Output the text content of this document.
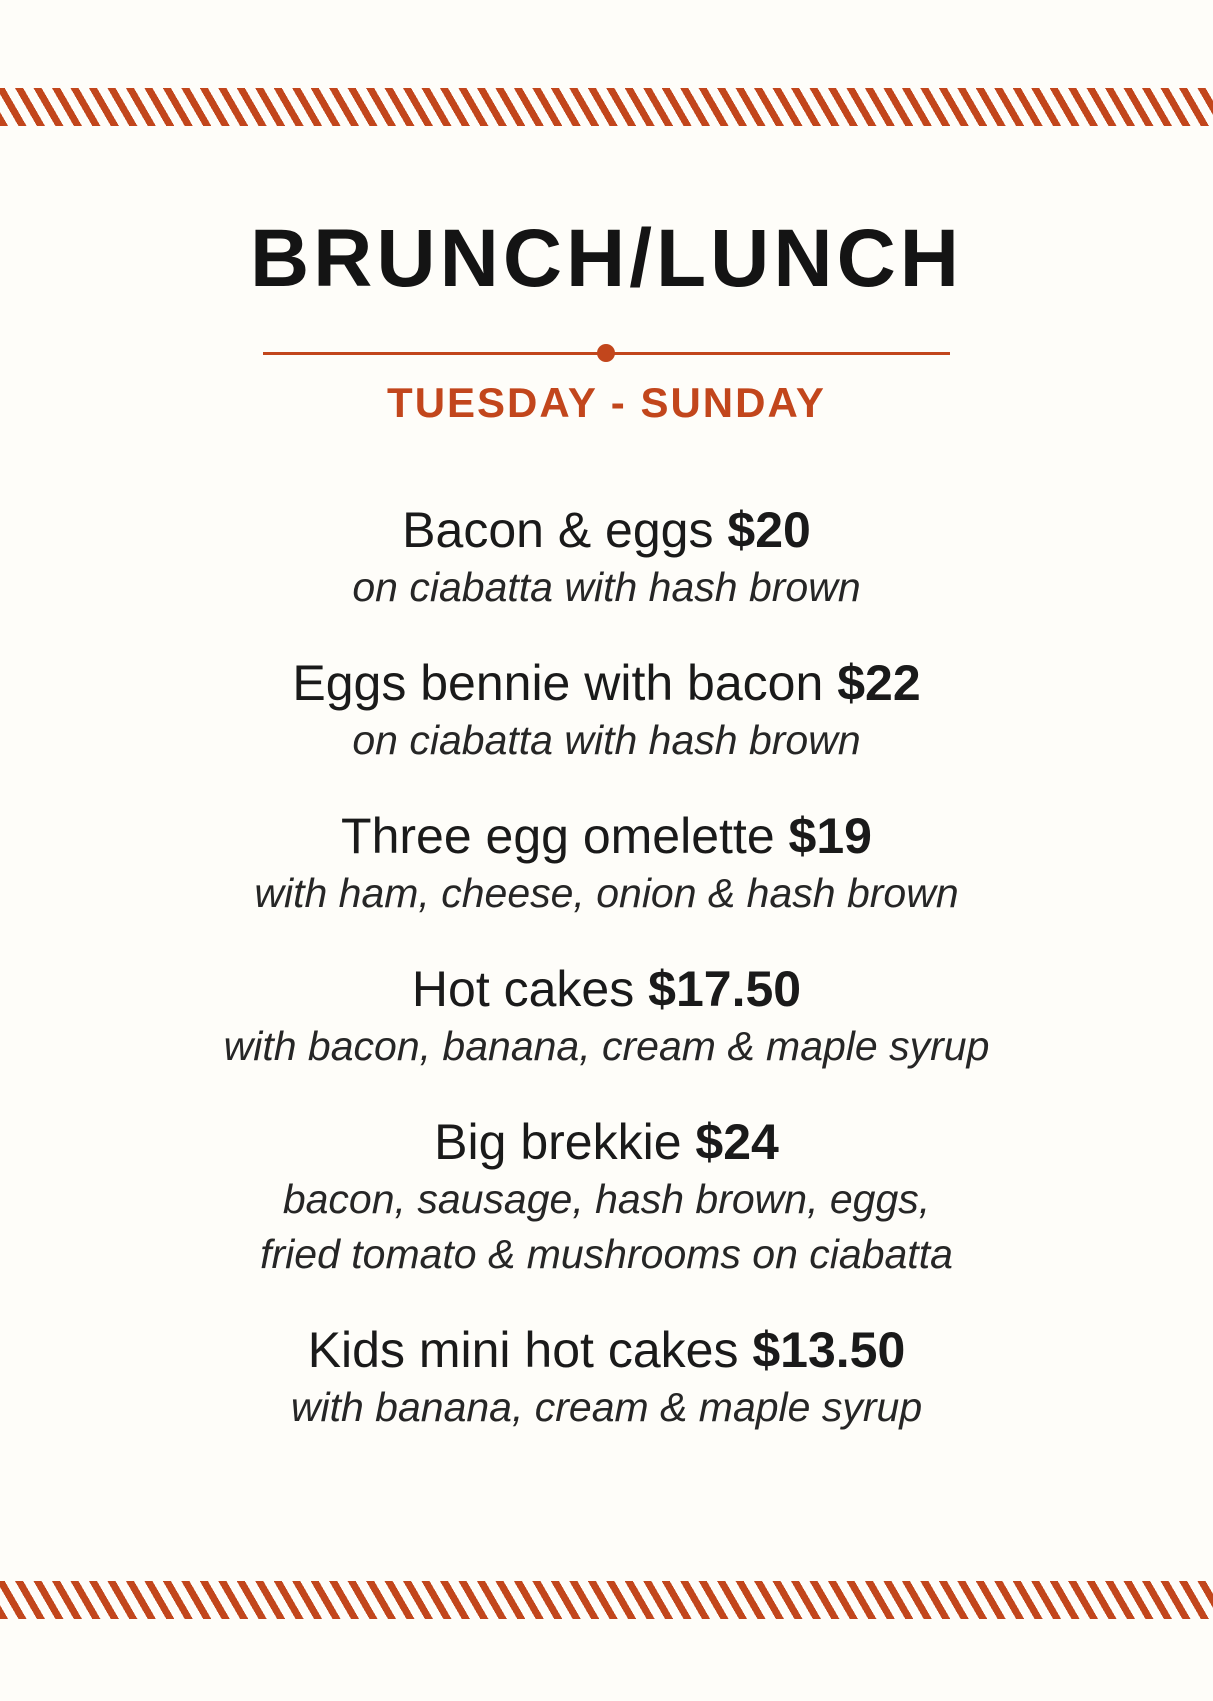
BRUNCH/LUNCH
TUESDAY - SUNDAY
Bacon & eggs $20
on ciabatta with hash brown
Eggs bennie with bacon $22
on ciabatta with hash brown
Three egg omelette $19
with ham, cheese, onion & hash brown
Hot cakes $17.50
with bacon, banana, cream & maple syrup
Big brekkie $24
bacon, sausage, hash brown, eggs,
fried tomato & mushrooms on ciabatta
Kids mini hot cakes $13.50
with banana, cream & maple syrup
